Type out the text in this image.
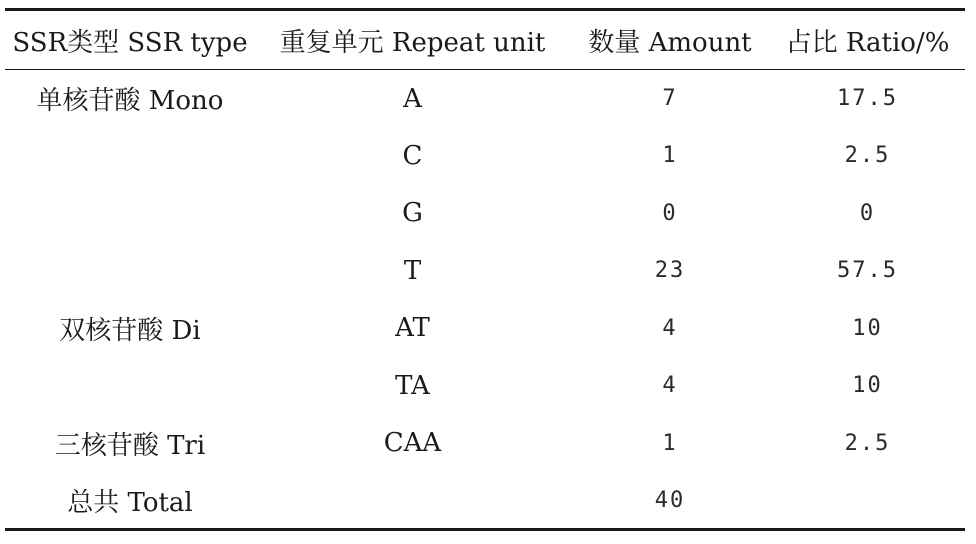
SSR类型 SSR type	重复单元 Repeat unit	数量 Amount	占比 Ratio/%
单核苷酸 Mono	A	7	17.5
	C	1	2.5
	G	0	0
	T	23	57.5
双核苷酸 Di	AT	4	10
	TA	4	10
三核苷酸 Tri	CAA	1	2.5
总共 Total		40	
